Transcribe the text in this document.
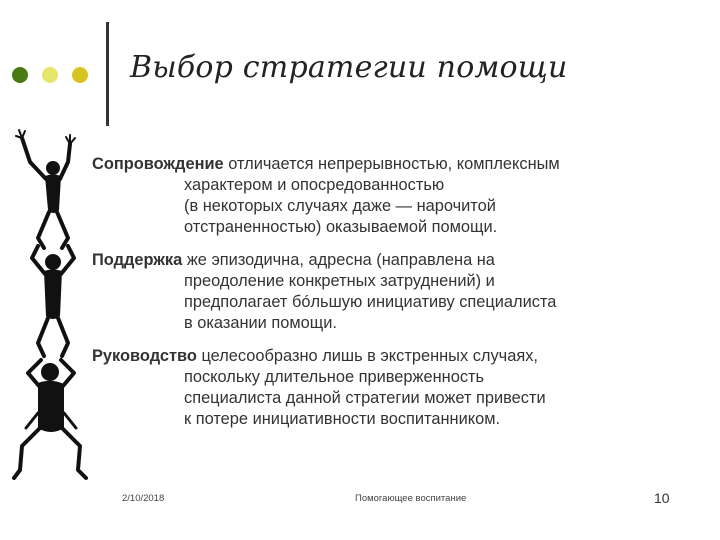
Выбор стратегии помощи

Сопровождение отличается непрерывностью, комплексным
характером и опосредованностью
(в некоторых случаях даже — нарочитой
отстраненностью) оказываемой помощи.

Поддержка же эпизодична, адресна (направлена на
преодоление конкретных затруднений) и
предполагает бóльшую инициативу специалиста
в оказании помощи.

Руководство целесообразно лишь в экстренных случаях,
поскольку длительное приверженность
специалиста данной стратегии может привести
к потере инициативности воспитанником.

2/10/2018	Помогающее воспитание	10
